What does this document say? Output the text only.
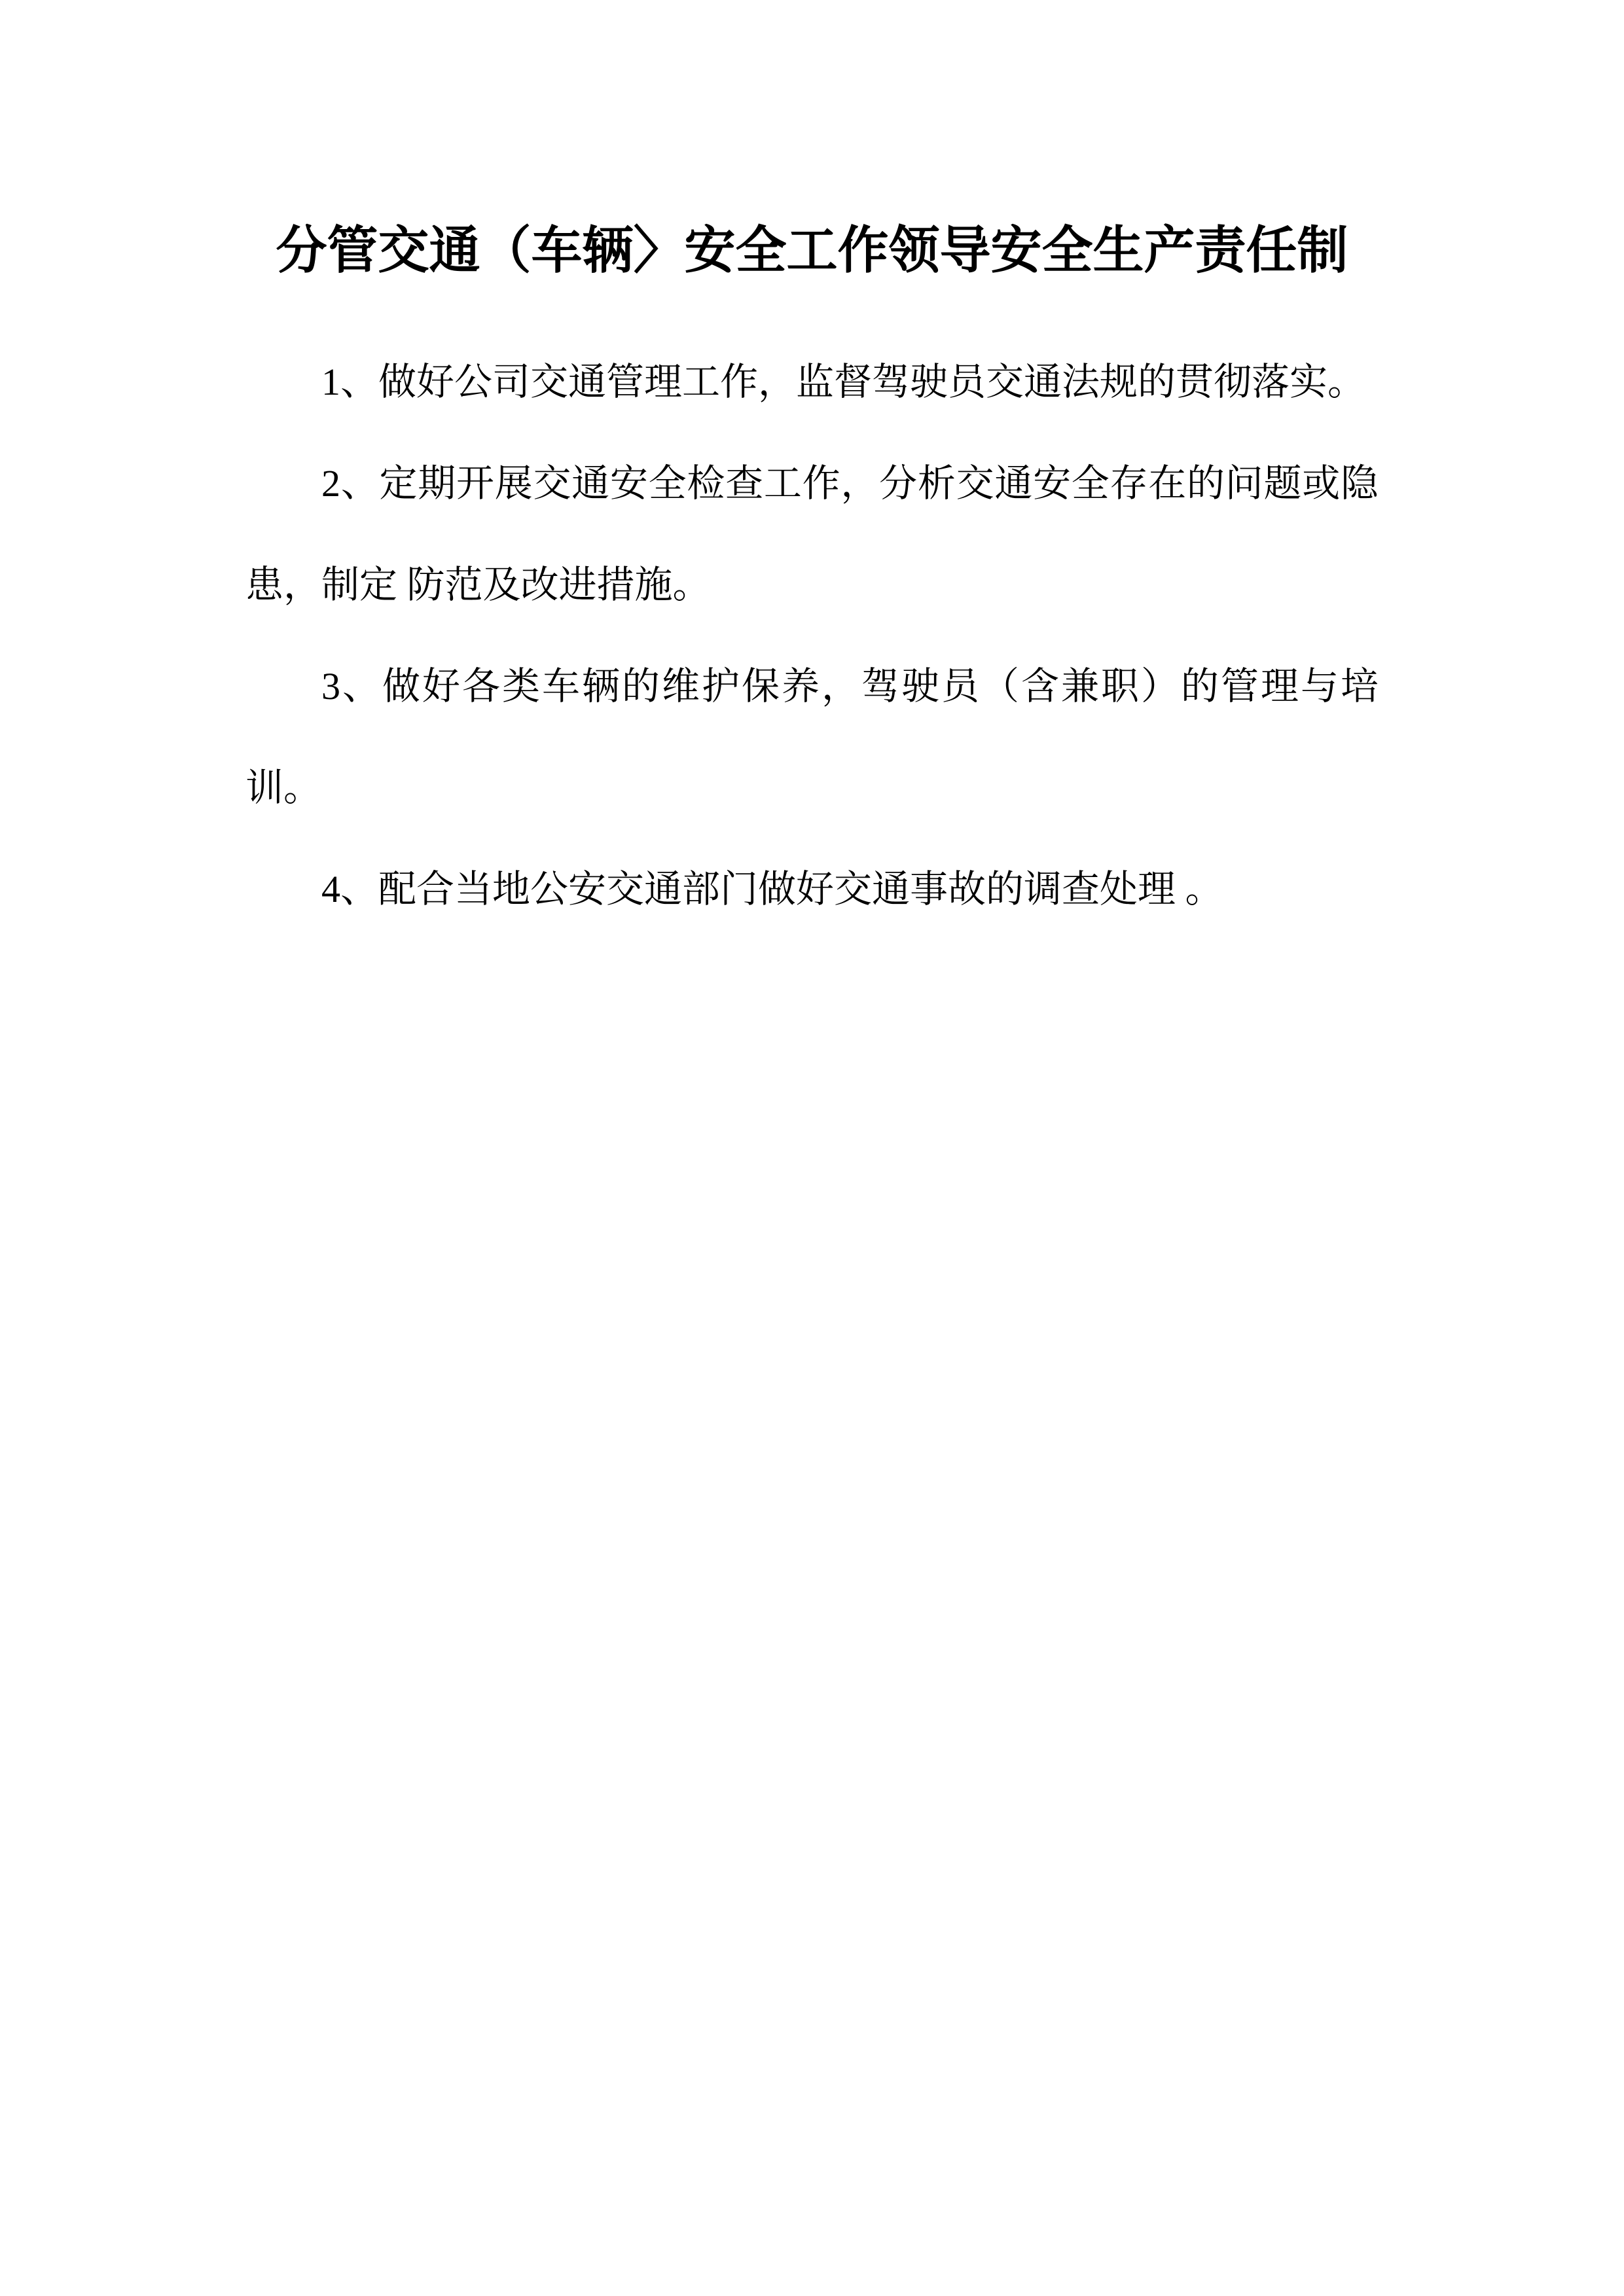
分管交通（车辆〉安全工作领导安全生产责任制

1、做好公司交通管理工作，监督驾驶员交通法规的贯彻落实。

2、定期开展交通安全检查工作，分析交通安全存在的问题或隐

患，制定 防范及改进措施。

3、做好各类车辆的维护保养，驾驶员（含兼职）的管理与培

训。

4、配合当地公安交通部门做好交通事故的调查处理 。
